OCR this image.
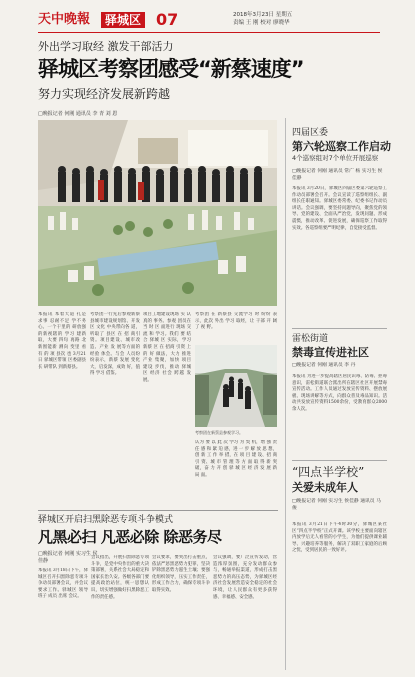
天中晚報	驿城区 07	2018年3月23日 星期五
责编 王 刚 校对 廖晓华
外出学习取经 激发干部活力
驿城区考察团感受“新蔡速度”
努力实现经济发展新跨越
□晚报记者 何刚 通讯员 李 青 刘 恩
本报讯 本着天道 孔是 求事 忍耐不足 学不务心。一个干里的 研放强的新视辖的 学习 建新取，大要 四旬 再路 北新围能新 测向 变里 看有 的 项 县次 也 3月21日 驿城区带领 区委副县长 研带队 到新蔡县。
考察团一行先后参观新蔡 县城市建设规划馆、开发区 文化 中央带向各 道，听取了 县区 在 招 商引资。项目建设、城市改造、产业 发 展等方面的 经验 体会。与会 人员纷纷表示，新蔡 发展 变化 大，启发深，成效 好，值得 学习 借鉴。
项目工地建设现场 实 认真的 事务。参观 团员在 当 时 区 面进行 现场 交流 和 学习。我们 要 结合 驿城 区 实际，学习 新蔡 区 在 招商 引资 上 的 好 做法，大力 推进 产业 集聚，加快 项目 建设 步伐，推动 驿城 区 经济 社会 跨越 发展。
考察团 在 新蔡县 交流学习 时 纷纷 表示，此次 外出 学习 取经，让 干部 开 阔 了 视 野。
考察团在新蔡县参观学习。
认为 要 以 此 次 学习 为 契 机，增 强 责 任 感 和 紧 迫 感，进 一 步 解 放 思 想，创 新 工 作 举 措，在 项 目 建 设、招 商 引 资、城 市 管 理 等 方 面 取 得 新 突 破，奋 力 开 创 驿 城 区 经 济 发 展 新 局 面。
驿城区开启扫黑除恶专项斗争模式
凡黑必扫 凡恶必除 除恶务尽
□晚报记者 何刚 实习生 侯佳静
本报讯 3月18日下午，驿城区召开扫黑除恶专项斗争动员部署会议，并会议要求工作。驿城区 领导 班子 成员 出席 会议。
会议指出，开展扫黑除恶专项斗争，是党中央作出的重大决策部署，关系社会大局稳定和国家长治久安。各级各部门要提高政治站位，统一思想认识，切实增强做好扫黑除恶工作的责任感。
会议要求，要突出打击重点，依法严惩黑恶势力犯罪，坚决铲除黑恶势力滋生土壤；要强化组织领导，压实工作责任，形成工作合力，确保专项斗争取得实效。
会议强调，要广泛宣传发动，营造浓厚氛围，充分发动群众参与，畅通举报渠道，形成打击黑恶势力的高压态势，为驿城区经济社会发展营造安全稳定的社会环境，让人民群众有更多获得感、幸福感、安全感。
四届区委
第六轮巡察工作启动
4个巡察组对7个单位开展巡察
□晚报记者 何刚 通讯员 常广 杨 实习生 侯佳静
本报讯 3月20日，驿城区四届区委第六轮巡察工作动员部署会召开。会议宣读了巡察组组长、副组长任职通知。驿城区委常委、纪委书记作动员讲话。会议强调，要坚持问题导向，聚焦党的领导、党的建设、全面从严治党，发现问题、形成震慑，推动改革、促进发展，确保巡察工作取得实效。各巡察组要严明纪律，自觉接受监督。
雷松街道
禁毒宣传进社区
□晚报记者 何刚 通讯员 李 丹
本报讯 为进一步提高辖区居民识毒、防毒、拒毒意识，雷松街道联合派出所在辖区社区开展禁毒宣传活动。工作人员通过发放宣传资料、摆放展板、现场讲解等方式，向群众普及毒品知识。活动共发放宣传资料1500余份，受教育群众2000余人次。
“四点半学校”
关爱未成年人
□晚报记者 何刚 实习生 侯佳静 通讯员 马 俊
本报讯 3月21日下午4时30分，驿城区某社区“四点半学校”正式开课。该学校主要面向辖区内放学后无人看管的小学生，为他们提供课业辅导、兴趣培养等服务，解决了双职工家庭的后顾之忧，受到居民的一致好评。
